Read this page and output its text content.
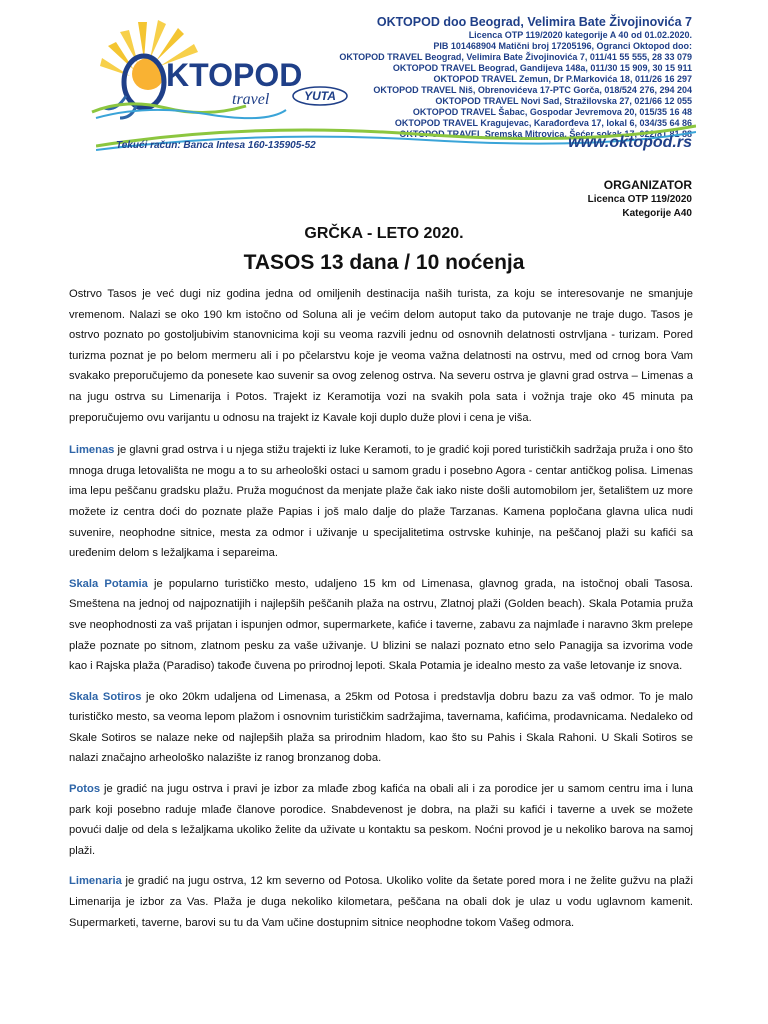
KTOPOD
travel	YUTA
OKTOPOD doo Beograd, Velimira Bate Živojinovića 7
Licenca OTP 119/2020 kategorije A 40 od 01.02.2020.
PIB 101468904 Matični broj 17205196, Ogranci Oktopod doo:
OKTOPOD TRAVEL Beograd, Velimira Bate Živojinovića 7, 011/41 55 555, 28 33 079
OKTOPOD TRAVEL Beograd, Gandijeva 148a, 011/30 15 909, 30 15 911
OKTOPOD TRAVEL Zemun, Dr P.Markovića 18, 011/26 16 297
OKTOPOD TRAVEL Niš, Obrenovićeva 17-PTC Gorča, 018/524 276, 294 204
OKTOPOD TRAVEL Novi Sad, Stražilovska 27, 021/66 12 055
OKTOPOD TRAVEL Šabac, Gospodar Jevremova 20, 015/35 16 48
OKTOPOD TRAVEL Kragujevac, Karađorđeva 17, lokal 6, 034/35 64 86
OKTOPOD TRAVEL Sremska Mitrovica, Šećer sokak 17, 022/81 81 88
Tekući račun: Banca Intesa 160-135905-52	www.oktopod.rs
ORGANIZATOR
Licenca OTP 119/2020
Kategorije A40
GRČKA - LETO 2020.
TASOS 13 dana / 10 noćenja

Ostrvo Tasos je već dugi niz godina jedna od omiljenih destinacija naših turista, za koju se interesovanje ne smanjuje vremenom. Nalazi se oko 190 km istočno od Soluna ali je većim delom autoput tako da putovanje ne traje dugo. Tasos je ostrvo poznato po gostoljubivim stanovnicima koji su veoma razvili jednu od osnovnih delatnosti ostrvljana - turizam. Pored turizma poznat je po belom mermeru ali i po pčelarstvu koje je veoma važna delatnosti na ostrvu, med od crnog bora Vam svakako preporučujemo da ponesete kao suvenir sa ovog zelenog ostrva. Na severu ostrva je glavni grad ostrva – Limenas a na jugu ostrva su Limenarija i Potos. Trajekt iz Keramotija vozi na svakih pola sata i vožnja traje oko 45 minuta pa preporučujemo ovu varijantu u odnosu na trajekt iz Kavale koji duplo duže plovi i cena je viša.

Limenas je glavni grad ostrva i u njega stižu trajekti iz luke Keramoti, to je gradić koji pored turističkih sadržaja pruža i ono što mnoga druga letovališta ne mogu a to su arheološki ostaci u samom gradu i posebno Agora - centar antičkog polisa. Limenas ima lepu peščanu gradsku plažu. Pruža mogućnost da menjate plaže čak iako niste došli automobilom jer, šetalištem uz more možete iz centra doći do poznate plaže Papias i još malo dalje do plaže Tarzanas. Kamena popločana glavna ulica nudi suvenire, neophodne sitnice, mesta za odmor i uživanje u specijalitetima ostrvske kuhinje, na peščanoj plaži su kafići sa uređenim delom s ležaljkama i separeima.

Skala Potamia je popularno turističko mesto, udaljeno 15 km od Limenasa, glavnog grada, na istočnoj obali Tasosa. Smeštena na jednoj od najpoznatijih i najlepših peščanih plaža na ostrvu, Zlatnoj plaži (Golden beach). Skala Potamia pruža sve neophodnosti za vaš prijatan i ispunjen odmor, supermarkete, kafiće i taverne, zabavu za najmlađe i naravno 3km prelepe plaže poznate po sitnom, zlatnom pesku za vaše uživanje. U blizini se nalazi poznato etno selo Panagija sa izvorima vode kao i Rajska plaža (Paradiso) takođe čuvena po prirodnoj lepoti. Skala Potamia je idealno mesto za vaše letovanje iz snova.

Skala Sotiros je oko 20km udaljena od Limenasa, a 25km od Potosa i predstavlja dobru bazu za vaš odmor. To je malo turističko mesto, sa veoma lepom plažom i osnovnim turističkim sadržajima, tavernama, kafićima, prodavnicama. Nedaleko od Skale Sotiros se nalaze neke od najlepših plaža sa prirodnim hladom, kao što su Pahis i Skala Rahoni. U Skali Sotiros se nalazi značajno arheološko nalazište iz ranog bronzanog doba.

Potos je gradić na jugu ostrva i pravi je izbor za mlađe zbog kafića na obali ali i za porodice jer u samom centru ima i luna park koji posebno raduje mlađe članove porodice. Snabdevenost je dobra, na plaži su kafići i taverne a uvek se možete povući dalje od dela s ležaljkama ukoliko želite da uživate u kontaktu sa peskom. Noćni provod je u nekoliko barova na samoj plaži.

Limenaria je gradić na jugu ostrva, 12 km severno od Potosa. Ukoliko volite da šetate pored mora i ne želite gužvu na plaži Limenarija je izbor za Vas. Plaža je duga nekoliko kilometara, peščana na obali dok je ulaz u vodu uglavnom kamenit. Supermarketi, taverne, barovi su tu da Vam učine dostupnim sitnice neophodne tokom Vašeg odmora.
